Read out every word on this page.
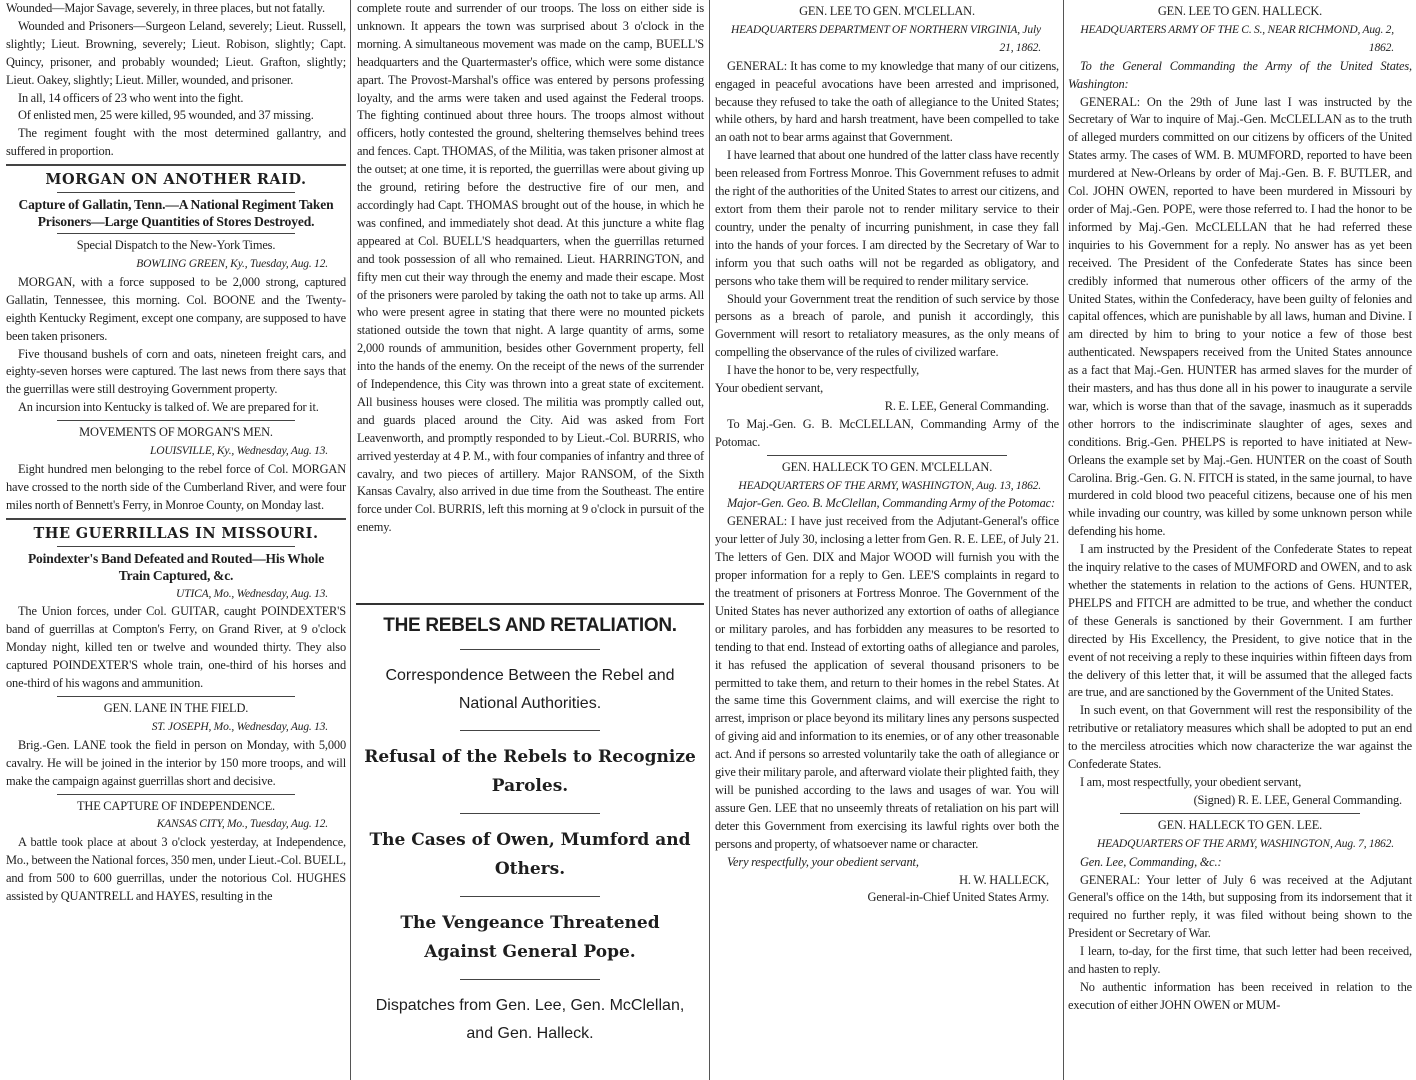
Wounded—Major Savage, severely, in three places, but not fatally.

Wounded and Prisoners—Surgeon Leland, severely; Lieut. Russell, slightly; Lieut. Browning, severely; Lieut. Robison, slightly; Capt. Quincy, prisoner, and probably wounded; Lieut. Grafton, slightly; Lieut. Oakey, slightly; Lieut. Miller, wounded, and prisoner.

In all, 14 officers of 23 who went into the fight.

Of enlisted men, 25 were killed, 95 wounded, and 37 missing.

The regiment fought with the most determined gallantry, and suffered in proportion.

MORGAN ON ANOTHER RAID.
Capture of Gallatin, Tenn.—A National Regiment Taken Prisoners—Large Quantities of Stores Destroyed.
Special Dispatch to the New-York Times.
BOWLING GREEN, Ky., Tuesday, Aug. 12.

MORGAN, with a force supposed to be 2,000 strong, captured Gallatin, Tennessee, this morning. Col. BOONE and the Twenty-eighth Kentucky Regiment, except one company, are supposed to have been taken prisoners.

Five thousand bushels of corn and oats, nineteen freight cars, and eighty-seven horses were captured. The last news from there says that the guerrillas were still destroying Government property.

An incursion into Kentucky is talked of. We are prepared for it.

MOVEMENTS OF MORGAN'S MEN.
LOUISVILLE, Ky., Wednesday, Aug. 13.

Eight hundred men belonging to the rebel force of Col. MORGAN have crossed to the north side of the Cumberland River, and were four miles north of Bennett's Ferry, in Monroe County, on Monday last.

THE GUERRILLAS IN MISSOURI.
Poindexter's Band Defeated and Routed—His Whole Train Captured, &c.
UTICA, Mo., Wednesday, Aug. 13.

The Union forces, under Col. GUITAR, caught POINDEXTER'S band of guerrillas at Compton's Ferry, on Grand River, at 9 o'clock Monday night, killed ten or twelve and wounded thirty. They also captured POINDEXTER'S whole train, one-third of his horses and one-third of his wagons and ammunition.

GEN. LANE IN THE FIELD.
ST. JOSEPH, Mo., Wednesday, Aug. 13.

Brig.-Gen. LANE took the field in person on Monday, with 5,000 cavalry. He will be joined in the interior by 150 more troops, and will make the campaign against guerrillas short and decisive.

THE CAPTURE OF INDEPENDENCE.
KANSAS CITY, Mo., Tuesday, Aug. 12.

A battle took place at about 3 o'clock yesterday, at Independence, Mo., between the National forces, 350 men, under Lieut.-Col. BUELL, and from 500 to 600 guerrillas, under the notorious Col. HUGHES assisted by QUANTRELL and HAYES, resulting in the

complete route and surrender of our troops. The loss on either side is unknown. It appears the town was surprised about 3 o'clock in the morning. A simultaneous movement was made on the camp, BUELL'S headquarters and the Quartermaster's office, which were some distance apart. The Provost-Marshal's office was entered by persons professing loyalty, and the arms were taken and used against the Federal troops. The fighting continued about three hours. The troops almost without officers, hotly contested the ground, sheltering themselves behind trees and fences. Capt. THOMAS, of the Militia, was taken prisoner almost at the outset; at one time, it is reported, the guerrillas were about giving up the ground, retiring before the destructive fire of our men, and accordingly had Capt. THOMAS brought out of the house, in which he was confined, and immediately shot dead. At this juncture a white flag appeared at Col. BUELL'S headquarters, when the guerrillas returned and took possession of all who remained. Lieut. HARRINGTON, and fifty men cut their way through the enemy and made their escape. Most of the prisoners were paroled by taking the oath not to take up arms. All who were present agree in stating that there were no mounted pickets stationed outside the town that night. A large quantity of arms, some 2,000 rounds of ammunition, besides other Government property, fell into the hands of the enemy. On the receipt of the news of the surrender of Independence, this City was thrown into a great state of excitement. All business houses were closed. The militia was promptly called out, and guards placed around the City. Aid was asked from Fort Leavenworth, and promptly responded to by Lieut.-Col. BURRIS, who arrived yesterday at 4 P. M., with four companies of infantry and three of cavalry, and two pieces of artillery. Major RANSOM, of the Sixth Kansas Cavalry, also arrived in due time from the Southeast. The entire force under Col. BURRIS, left this morning at 9 o'clock in pursuit of the enemy.

GEN. LEE TO GEN. M'CLELLAN.
HEADQUARTERS DEPARTMENT OF NORTHERN VIRGINIA, July 21, 1862.

GENERAL: It has come to my knowledge that many of our citizens, engaged in peaceful avocations have been arrested and imprisoned, because they refused to take the oath of allegiance to the United States; while others, by hard and harsh treatment, have been compelled to take an oath not to bear arms against that Government.

I have learned that about one hundred of the latter class have recently been released from Fortress Monroe. This Government refuses to admit the right of the authorities of the United States to arrest our citizens, and extort from them their parole not to render military service to their country, under the penalty of incurring punishment, in case they fall into the hands of your forces. I am directed by the Secretary of War to inform you that such oaths will not be regarded as obligatory, and persons who take them will be required to render military service.

Should your Government treat the rendition of such service by those persons as a breach of parole, and punish it accordingly, this Government will resort to retaliatory measures, as the only means of compelling the observance of the rules of civilized warfare.

I have the honor to be, very respectfully,

Your obedient servant,

R. E. LEE, General Commanding.

To Maj.-Gen. G. B. McCLELLAN, Commanding Army of the Potomac.

GEN. HALLECK TO GEN. M'CLELLAN.
HEADQUARTERS OF THE ARMY, WASHINGTON, Aug. 13, 1862.

Major-Gen. Geo. B. McClellan, Commanding Army of the Potomac:

GENERAL: I have just received from the Adjutant-General's office your letter of July 30, inclosing a letter from Gen. R. E. LEE, of July 21. The letters of Gen. DIX and Major WOOD will furnish you with the proper information for a reply to Gen. LEE'S complaints in regard to the treatment of prisoners at Fortress Monroe. The Government of the United States has never authorized any extortion of oaths of allegiance or military paroles, and has forbidden any measures to be resorted to tending to that end. Instead of extorting oaths of allegiance and paroles, it has refused the application of several thousand prisoners to be permitted to take them, and return to their homes in the rebel States. At the same time this Government claims, and will exercise the right to arrest, imprison or place beyond its military lines any persons suspected of giving aid and information to its enemies, or of any other treasonable act. And if persons so arrested voluntarily take the oath of allegiance or give their military parole, and afterward violate their plighted faith, they will be punished according to the laws and usages of war. You will assure Gen. LEE that no unseemly threats of retaliation on his part will deter this Government from exercising its lawful rights over both the persons and property, of whatsoever name or character.

Very respectfully, your obedient servant,

H. W. HALLECK,
General-in-Chief United States Army.
GEN. LEE TO GEN. HALLECK.
HEADQUARTERS ARMY OF THE C. S., NEAR RICHMOND, Aug. 2, 1862.

To the General Commanding the Army of the United States, Washington:

GENERAL: On the 29th of June last I was instructed by the Secretary of War to inquire of Maj.-Gen. McCLELLAN as to the truth of alleged murders committed on our citizens by officers of the United States army. The cases of WM. B. MUMFORD, reported to have been murdered at New-Orleans by order of Maj.-Gen. B. F. BUTLER, and Col. JOHN OWEN, reported to have been murdered in Missouri by order of Maj.-Gen. POPE, were those referred to. I had the honor to be informed by Maj.-Gen. McCLELLAN that he had referred these inquiries to his Government for a reply. No answer has as yet been received. The President of the Confederate States has since been credibly informed that numerous other officers of the army of the United States, within the Confederacy, have been guilty of felonies and capital offences, which are punishable by all laws, human and Divine. I am directed by him to bring to your notice a few of those best authenticated. Newspapers received from the United States announce as a fact that Maj.-Gen. HUNTER has armed slaves for the murder of their masters, and has thus done all in his power to inaugurate a servile war, which is worse than that of the savage, inasmuch as it superadds other horrors to the indiscriminate slaughter of ages, sexes and conditions. Brig.-Gen. PHELPS is reported to have initiated at New-Orleans the example set by Maj.-Gen. HUNTER on the coast of South Carolina. Brig.-Gen. G. N. FITCH is stated, in the same journal, to have murdered in cold blood two peaceful citizens, because one of his men while invading our country, was killed by some unknown person while defending his home.

I am instructed by the President of the Confederate States to repeat the inquiry relative to the cases of MUMFORD and OWEN, and to ask whether the statements in relation to the actions of Gens. HUNTER, PHELPS and FITCH are admitted to be true, and whether the conduct of these Generals is sanctioned by their Government. I am further directed by His Excellency, the President, to give notice that in the event of not receiving a reply to these inquiries within fifteen days from the delivery of this letter that, it will be assumed that the alleged facts are true, and are sanctioned by the Government of the United States.

In such event, on that Government will rest the responsibility of the retributive or retaliatory measures which shall be adopted to put an end to the merciless atrocities which now characterize the war against the Confederate States.

I am, most respectfully, your obedient servant,

(Signed) R. E. LEE, General Commanding.
GEN. HALLECK TO GEN. LEE.
HEADQUARTERS OF THE ARMY, WASHINGTON, Aug. 7, 1862.

Gen. Lee, Commanding, &c.:

GENERAL: Your letter of July 6 was received at the Adjutant General's office on the 14th, but supposing from its indorsement that it required no further reply, it was filed without being shown to the President or Secretary of War.

I learn, to-day, for the first time, that such letter had been received, and hasten to reply.

No authentic information has been received in relation to the execution of either JOHN OWEN or MUM-

THE REBELS AND RETALIATION.
Correspondence Between the Rebel and National Authorities.
Refusal of the Rebels to Recognize Paroles.
The Cases of Owen, Mumford and Others.
The Vengeance Threatened Against General Pope.
Dispatches from Gen. Lee, Gen. McClellan, and Gen. Halleck.
